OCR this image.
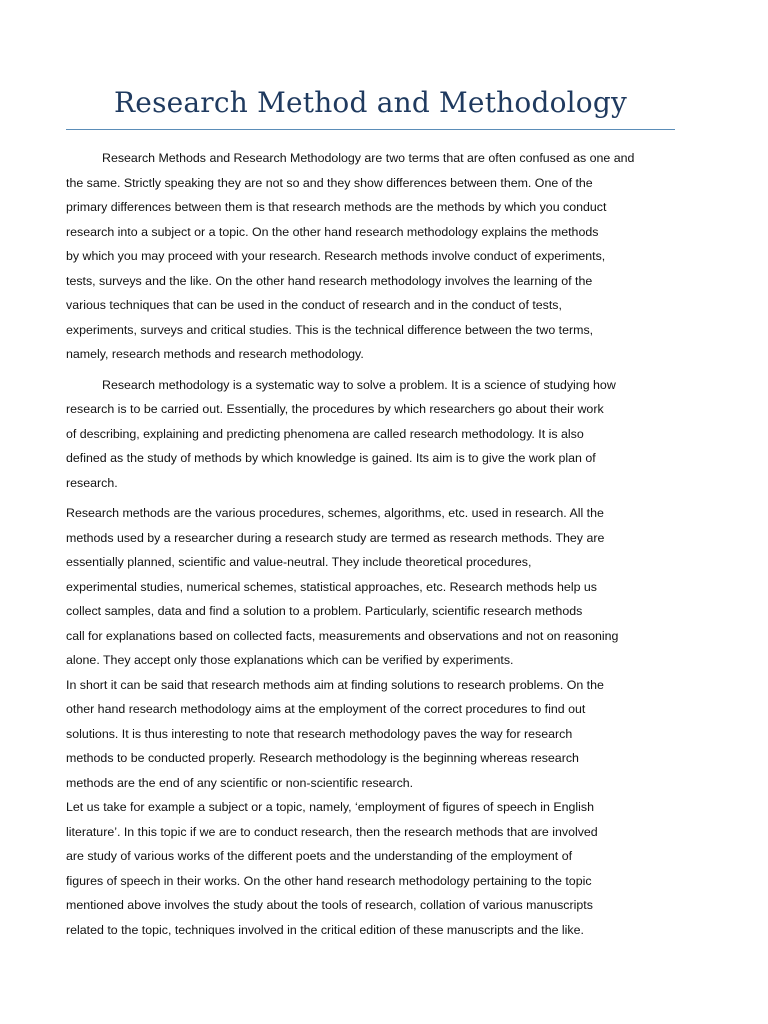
Research Method and Methodology
Research Methods and Research Methodology are two terms that are often confused as one and
the same. Strictly speaking they are not so and they show differences between them. One of the
primary differences between them is that research methods are the methods by which you conduct
research into a subject or a topic. On the other hand research methodology explains the methods
by which you may proceed with your research. Research methods involve conduct of experiments,
tests, surveys and the like. On the other hand research methodology involves the learning of the
various techniques that can be used in the conduct of research and in the conduct of tests,
experiments, surveys and critical studies. This is the technical difference between the two terms,
namely, research methods and research methodology.
Research methodology is a systematic way to solve a problem. It is a science of studying how
research is to be carried out. Essentially, the procedures by which researchers go about their work
of describing, explaining and predicting phenomena are called research methodology. It is also
defined as the study of methods by which knowledge is gained. Its aim is to give the work plan of
research.
Research methods are the various procedures, schemes, algorithms, etc. used in research. All the
methods used by a researcher during a research study are termed as research methods. They are
essentially planned, scientific and value-neutral. They include theoretical procedures,
experimental studies, numerical schemes, statistical approaches, etc. Research methods help us
collect samples, data and find a solution to a problem. Particularly, scientific research methods
call for explanations based on collected facts, measurements and observations and not on reasoning
alone. They accept only those explanations which can be verified by experiments.
In short it can be said that research methods aim at finding solutions to research problems. On the
other hand research methodology aims at the employment of the correct procedures to find out
solutions. It is thus interesting to note that research methodology paves the way for research
methods to be conducted properly. Research methodology is the beginning whereas research
methods are the end of any scientific or non-scientific research.
Let us take for example a subject or a topic, namely, ‘employment of figures of speech in English
literature’. In this topic if we are to conduct research, then the research methods that are involved
are study of various works of the different poets and the understanding of the employment of
figures of speech in their works. On the other hand research methodology pertaining to the topic
mentioned above involves the study about the tools of research, collation of various manuscripts
related to the topic, techniques involved in the critical edition of these manuscripts and the like.
